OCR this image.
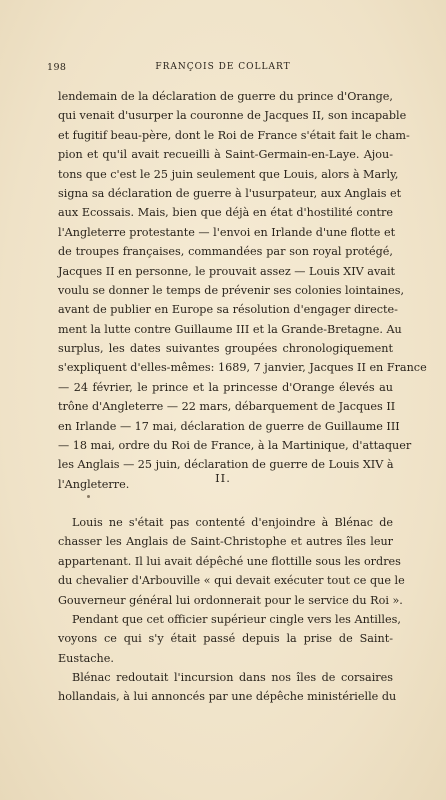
198	FRANÇOIS DE COLLART
lendemain de la déclaration de guerre du prince d'Orange,
qui venait d'usurper la couronne de Jacques II, son incapable
et fugitif beau-père, dont le Roi de France s'était fait le cham-
pion et qu'il avait recueilli à Saint-Germain-en-Laye. Ajou-
tons que c'est le 25 juin seulement que Louis, alors à Marly,
signa sa déclaration de guerre à l'usurpateur, aux Anglais et
aux Ecossais. Mais, bien que déjà en état d'hostilité contre
l'Angleterre protestante — l'envoi en Irlande d'une flotte et
de troupes françaises, commandées par son royal protégé,
Jacques II en personne, le prouvait assez — Louis XIV avait
voulu se donner le temps de prévenir ses colonies lointaines,
avant de publier en Europe sa résolution d'engager directe-
ment la lutte contre Guillaume III et la Grande-Bretagne. Au
surplus, les dates suivantes groupées chronologiquement
s'expliquent d'elles-mêmes: 1689, 7 janvier, Jacques II en France
— 24 février, le prince et la princesse d'Orange élevés au
trône d'Angleterre — 22 mars, débarquement de Jacques II
en Irlande — 17 mai, déclaration de guerre de Guillaume III
— 18 mai, ordre du Roi de France, à la Martinique, d'attaquer
les Anglais — 25 juin, déclaration de guerre de Louis XIV à
l'Angleterre.	II.
Louis ne s'était pas contenté d'enjoindre à Blénac de
chasser les Anglais de Saint-Christophe et autres îles leur
appartenant. Il lui avait dépêché une flottille sous les ordres
du chevalier d'Arbouville « qui devait exécuter tout ce que le
Gouverneur général lui ordonnerait pour le service du Roi ».
Pendant que cet officier supérieur cingle vers les Antilles,
voyons ce qui s'y était passé depuis la prise de Saint-
Eustache.
Blénac redoutait l'incursion dans nos îles de corsaires
hollandais, à lui annoncés par une dépêche ministérielle du
